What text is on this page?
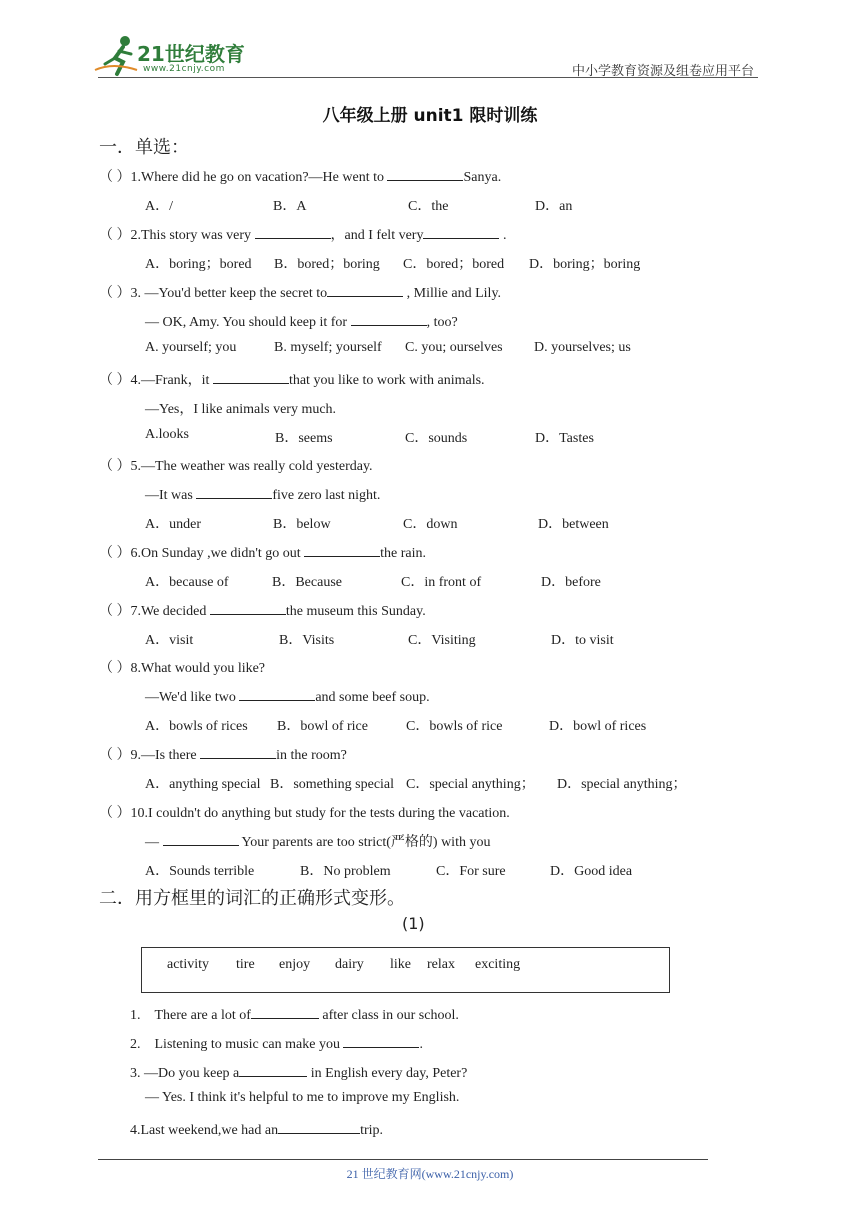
21世纪教育
www.21cnjy.com	中小学教育资源及组卷应用平台
八年级上册 unit1 限时训练
一．单选：
（ ）1.Where did he go on vacation?—He went to	Sanya.
A．/	B．A	C．the	D．an
（ ）2.This story was very	，and I felt very	.
A．boring；bored B．bored；boring C．bored；bored D．boring；boring
（ ）3. —You'd better keep the secret to	, Millie and Lily.
— OK, Amy. You should keep it for	, too?
A. yourself; you	B. myself; yourself C. you; ourselves D. yourselves; us
（ ）4.—Frank，it	that you like to work with animals.
—Yes，I like animals very much.
A.looks	B．seems	C．sounds	D．Tastes
（ ）5.—The weather was really cold yesterday.
—It was	five zero last night.
A．under	B．below	C．down	D．between
（ ）6.On Sunday ,we didn't go out	the rain.
A．because of	B．Because	C．in front of	D．before
（ ）7.We decided	the museum this Sunday.
A．visit	B．Visits	C．Visiting	D．to visit
（ ）8.What would you like?
—We'd like two	and some beef soup.
A．bowls of rices B．bowl of rice	C．bowls of rice	D．bowl of rices
（ ）9.—Is there	in the room?
A．anything special B．something special C．special anything； D．special anything；
（ ）10.I couldn't do anything but study for the tests during the vacation.
—	Your parents are too strict(严格的) with you
A．Sounds terrible	B．No problem	C．For sure	D．Good idea
二．用方框里的词汇的正确形式变形。
(1)
activity tire enjoy dairy like relax exciting
1.    There are a lot of	after class in our school.
2.    Listening to music can make you	.
3. —Do you keep a	in English every day, Peter?
— Yes. I think it's helpful to me to improve my English.
4.Last weekend,we had an	trip.
21 世纪教育网(www.21cnjy.com)
